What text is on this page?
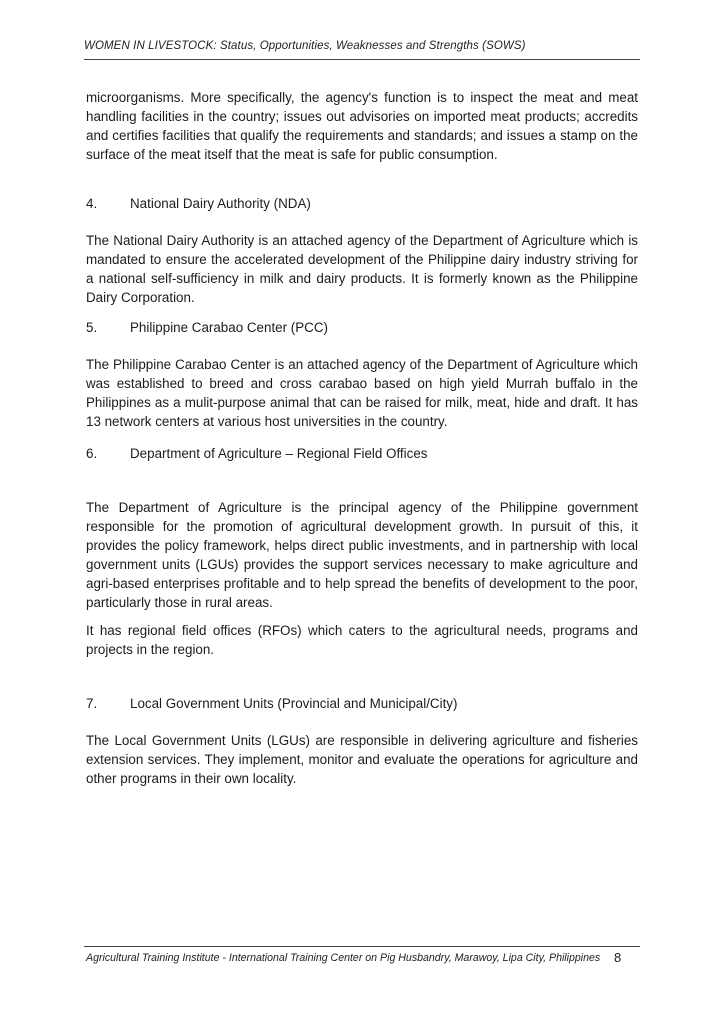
WOMEN IN LIVESTOCK: Status, Opportunities, Weaknesses and Strengths (SOWS)

microorganisms. More specifically, the agency's function is to inspect the meat and meat handling facilities in the country; issues out advisories on imported meat products; accredits and certifies facilities that qualify the requirements and standards; and issues a stamp on the surface of the meat itself that the meat is safe for public consumption.

4. National Dairy Authority (NDA)

The National Dairy Authority is an attached agency of the Department of Agriculture which is mandated to ensure the accelerated development of the Philippine dairy industry striving for a national self-sufficiency in milk and dairy products. It is formerly known as the Philippine Dairy Corporation.

5. Philippine Carabao Center (PCC)

The Philippine Carabao Center is an attached agency of the Department of Agriculture which was established to breed and cross carabao based on high yield Murrah buffalo in the Philippines as a mulit-purpose animal that can be raised for milk, meat, hide and draft. It has 13 network centers at various host universities in the country.

6. Department of Agriculture – Regional Field Offices

The Department of Agriculture is the principal agency of the Philippine government responsible for the promotion of agricultural development growth. In pursuit of this, it provides the policy framework, helps direct public investments, and in partnership with local government units (LGUs) provides the support services necessary to make agriculture and agri-based enterprises profitable and to help spread the benefits of development to the poor, particularly those in rural areas.

It has regional field offices (RFOs) which caters to the agricultural needs, programs and projects in the region.

7. Local Government Units (Provincial and Municipal/City)

The Local Government Units (LGUs) are responsible in delivering agriculture and fisheries extension services. They implement, monitor and evaluate the operations for agriculture and other programs in their own locality.

Agricultural Training Institute - International Training Center on Pig Husbandry, Marawoy, Lipa City, Philippines	8
